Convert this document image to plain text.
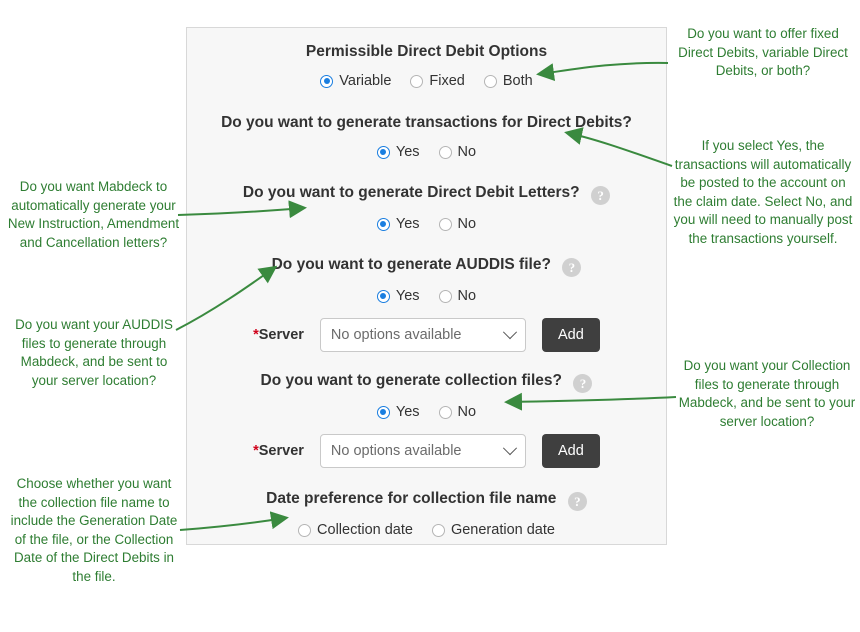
Permissible Direct Debit Options
Variable	Fixed	Both
Do you want to generate transactions for Direct Debits?
Yes	No
Do you want to generate Direct Debit Letters? ?
Yes	No
Do you want to generate AUDDIS file? ?
Yes	No
*Server No options available	Add
Do you want to generate collection files? ?
Yes	No
*Server No options available	Add
Date preference for collection file name ?
Collection date	Generation date
Do you want to offer fixed Direct Debits, variable Direct Debits, or both?
If you select Yes, the transactions will automatically be posted to the account on the claim date. Select No, and you will need to manually post the transactions yourself.
Do you want your Collection files to generate through Mabdeck, and be sent to your server location?
Do you want Mabdeck to automatically generate your New Instruction, Amendment and Cancellation letters?
Do you want your AUDDIS files to generate through Mabdeck, and be sent to your server location?
Choose whether you want the collection file name to include the Generation Date of the file, or the Collection Date of the Direct Debits in the file.
